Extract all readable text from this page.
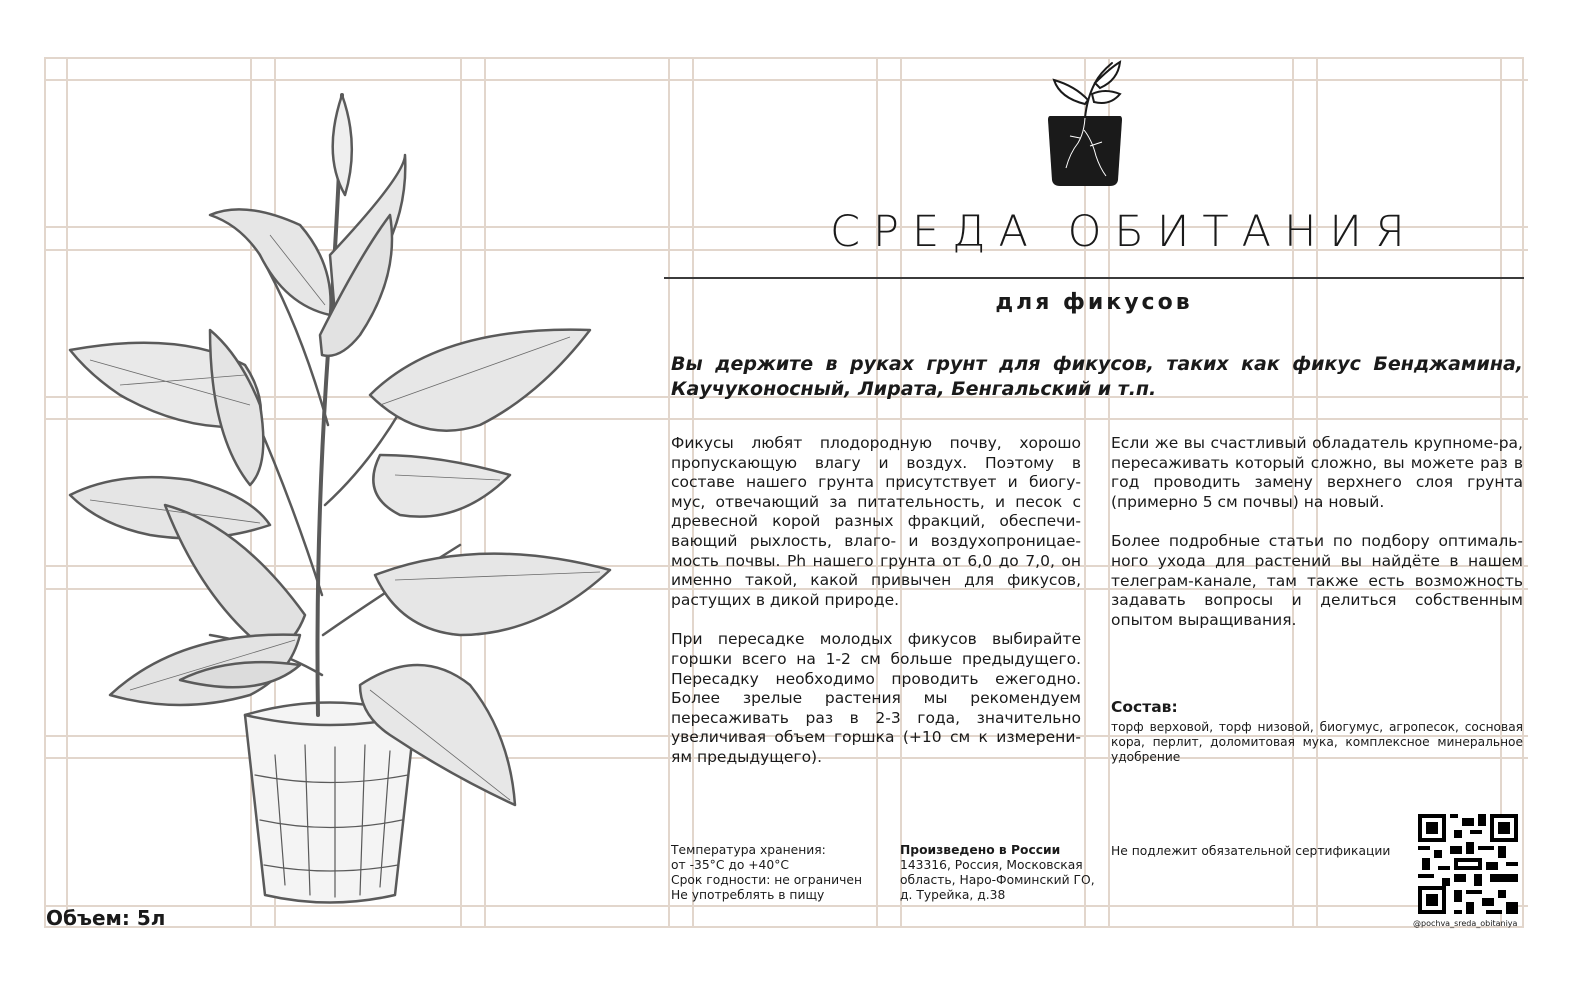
СРЕДА ОБИТАНИЯ
для фикусов
Вы держите в руках грунт для фикусов, таких как фикус Бенджамина, Каучуконосный, Лирата, Бенгальский и т.п.

Фикусы любят плодородную почву, хорошо пропускающую влагу и воздух. Поэтому в составе нашего грунта присутствует и биогу-мус, отвечающий за питательность, и песок с древесной корой разных фракций, обеспечи-вающий рыхлость, влаго- и воздухопроницае-мость почвы. Ph нашего грунта от 6,0 до 7,0, он именно такой, какой привычен для фикусов, растущих в дикой природе.

При пересадке молодых фикусов выбирайте горшки всего на 1-2 см больше предыдущего. Пересадку необходимо проводить ежегодно. Более зрелые растения мы рекомендуем пересаживать раз в 2-3 года, значительно увеличивая объем горшка (+10 см к измерени-ям предыдущего).

Если же вы счастливый обладатель крупноме-ра, пересаживать который сложно, вы можете раз в год проводить замену верхнего слоя грунта (примерно 5 см почвы) на новый.

Более подробные статьи по подбору оптималь-ного ухода для растений вы найдёте в нашем телеграм-канале, там также есть возможность задавать вопросы и делиться собственным опытом выращивания.

Состав:
торф верховой, торф низовой, биогумус, агропесок, сосновая кора, перлит, доломитовая мука, комплексное минеральное удобрение
Температура хранения:
от -35°С до +40°С
Срок годности: не ограничен
Не употреблять в пищу
Произведено в России
143316, Россия, Московская область, Наро-Фоминский ГО, д. Турейка, д.38
Не подлежит обязательной сертификации
@pochva_sreda_obitaniya
Объем: 5л
